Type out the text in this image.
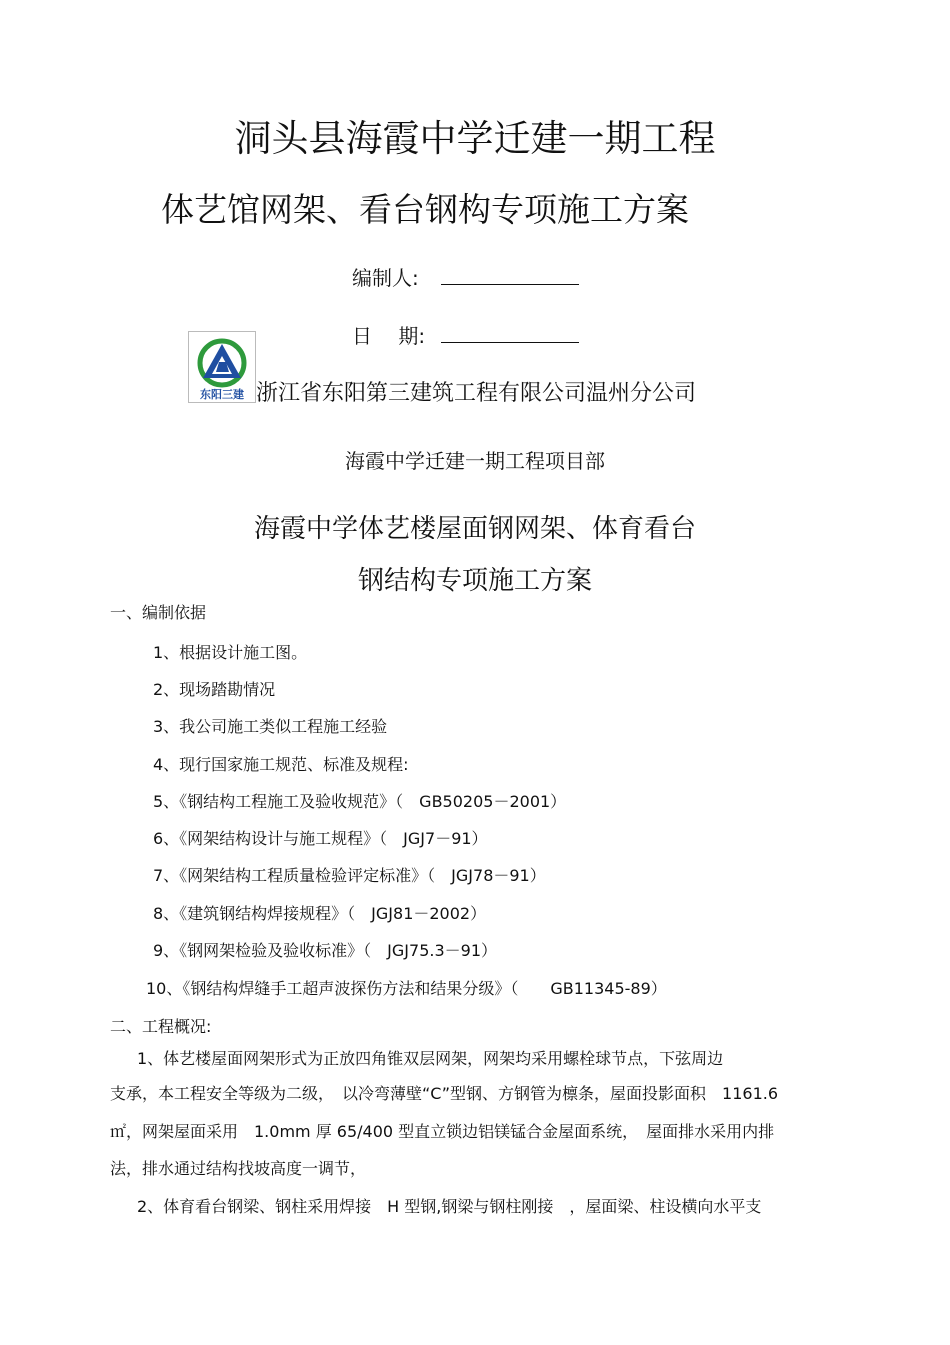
洞头县海霞中学迁建一期工程
体艺馆网架、看台钢构专项施工方案
编制人:
日　 期:
东阳三建 浙江省东阳第三建筑工程有限公司温州分公司
海霞中学迁建一期工程项目部
海霞中学体艺楼屋面钢网架、体育看台
钢结构专项施工方案
一、编制依据
1、根据设计施工图。
2、现场踏勘情况
3、我公司施工类似工程施工经验
4、现行国家施工规范、标准及规程:
5、《钢结构工程施工及验收规范》（　GB50205－2001）
6、《网架结构设计与施工规程》（　JGJ7－91）
7、《网架结构工程质量检验评定标准》（　JGJ78－91）
8、《建筑钢结构焊接规程》（　JGJ81－2002）
9、《钢网架检验及验收标准》（　JGJ75.3－91）
10、《钢结构焊缝手工超声波探伤方法和结果分级》（　　GB11345-89）
二、工程概况:
1、体艺楼屋面网架形式为正放四角锥双层网架，网架均采用螺栓球节点，下弦周边
支承，本工程安全等级为二级，　以冷弯薄壁“C”型钢、方钢管为檩条，屋面投影面积　1161.6
㎡，网架屋面采用　1.0mm 厚 65/400 型直立锁边铝镁锰合金屋面系统，　屋面排水采用内排
法，排水通过结构找坡高度一调节，
2、体育看台钢梁、钢柱采用焊接　H 型钢,钢梁与钢柱刚接　，屋面梁、柱设横向水平支
